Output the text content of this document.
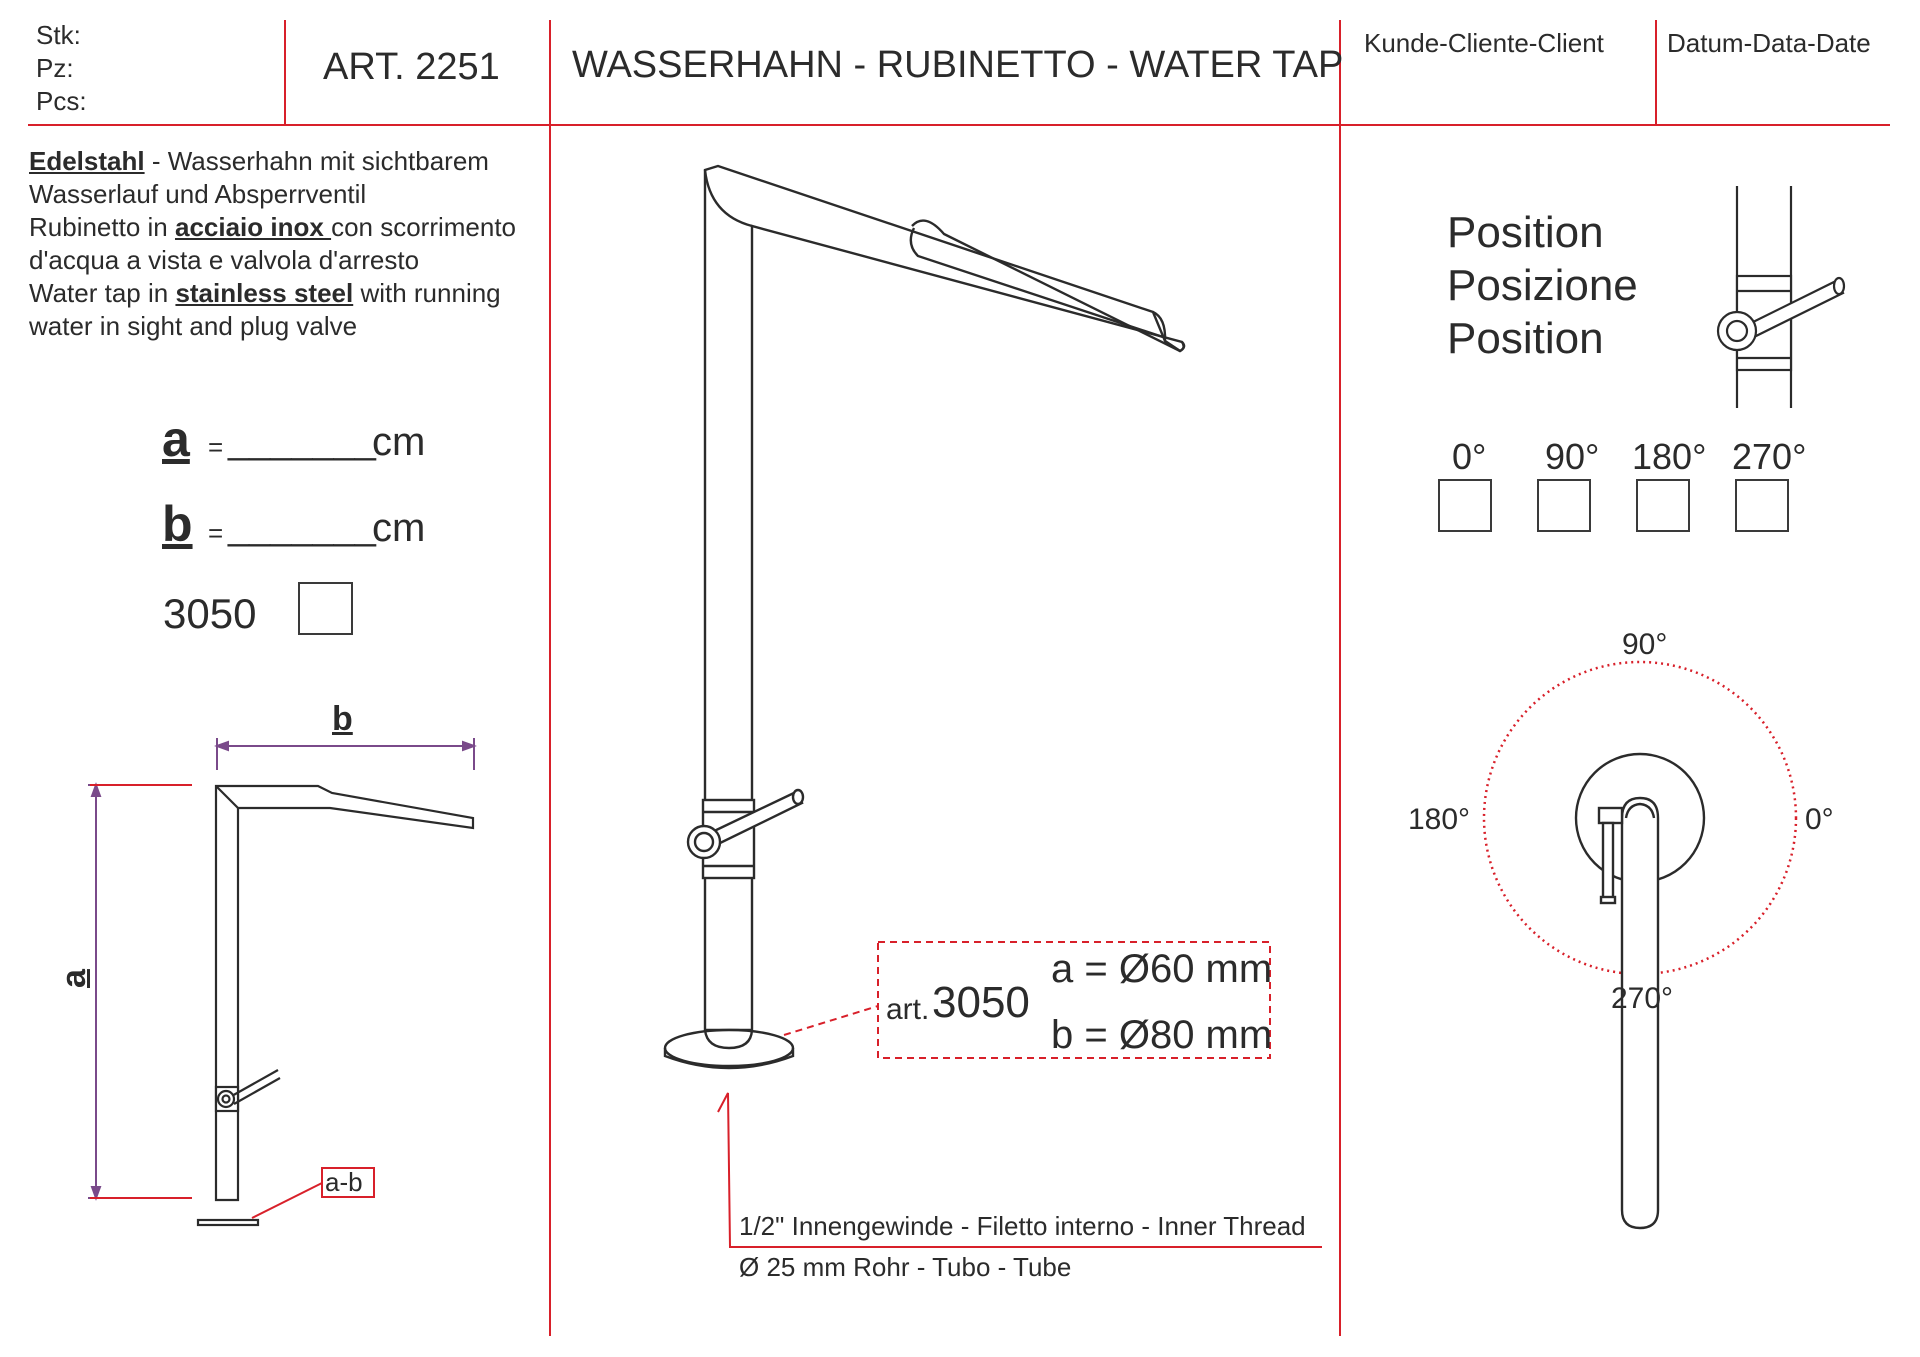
Stk:
Pz:
Pcs:
ART. 2251 WASSERHAHN - RUBINETTO - WATER TAP
Kunde-Cliente-Client Datum-Data-Date
Edelstahl - Wasserhahn mit sichtbarem
Wasserlauf und Absperrventil
Rubinetto in acciaio inox con scorrimento
d'acqua a vista e valvola d'arresto
Water tap in stainless steel with running
water in sight and plug valve
a = _______
cm
b = _______
cm
3050
b
a
a-b
art. 3050
a = Ø60 mm
b = Ø80 mm
1/2" Innengewinde - Filetto interno - Inner Thread
Ø 25 mm Rohr - Tubo - Tube
Position
Posizione
Position
0° 90° 180° 270°
90°
180°	0°
270°
